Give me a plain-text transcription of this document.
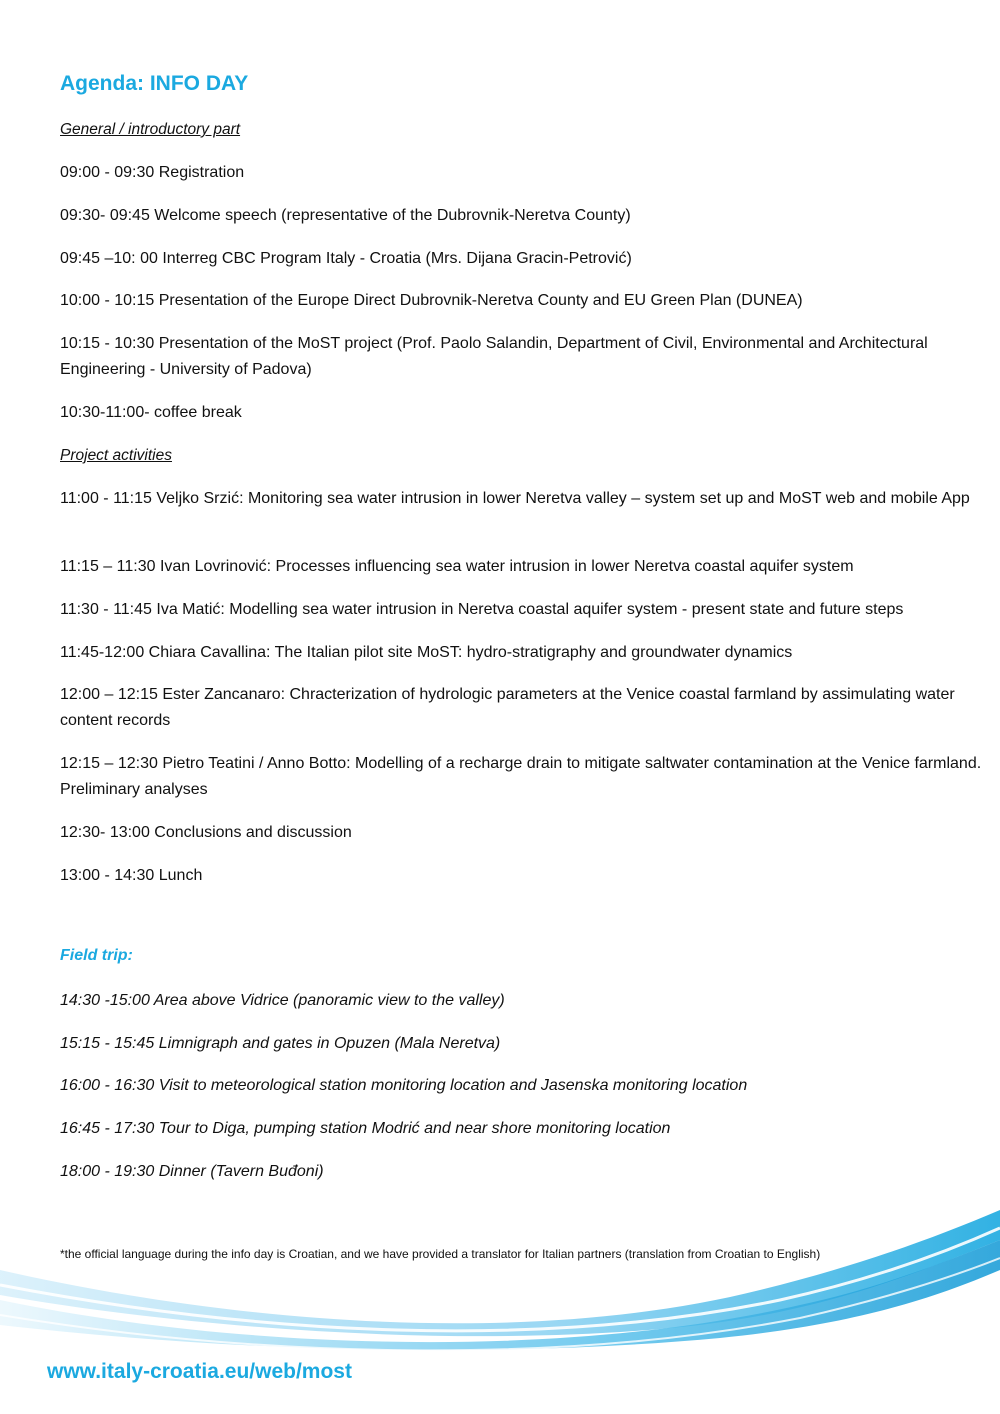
Agenda: INFO DAY
General / introductory part
09:00 - 09:30 Registration
09:30- 09:45 Welcome speech (representative of the Dubrovnik-Neretva County)
09:45 –10: 00 Interreg CBC Program Italy - Croatia (Mrs. Dijana Gracin-Petrović)
10:00 - 10:15 Presentation of the Europe Direct Dubrovnik-Neretva County and EU Green Plan (DUNEA)
10:15 - 10:30 Presentation of the MoST project (Prof. Paolo Salandin, Department of Civil, Environmental and Architectural Engineering - University of Padova)
10:30-11:00- coffee break
Project activities
11:00 - 11:15 Veljko Srzić: Monitoring sea water intrusion in lower Neretva valley – system set up and MoST web and mobile App
11:15 – 11:30 Ivan Lovrinović: Processes influencing sea water intrusion in lower Neretva coastal aquifer system
11:30 - 11:45 Iva Matić: Modelling sea water intrusion in Neretva coastal aquifer system - present state and future steps
11:45-12:00 Chiara Cavallina: The Italian pilot site MoST: hydro-stratigraphy and groundwater dynamics
12:00 – 12:15 Ester Zancanaro: Chracterization of hydrologic parameters at the Venice coastal farmland by assimulating water content records
12:15 – 12:30 Pietro Teatini / Anno Botto: Modelling of a recharge drain to mitigate saltwater contamination at the Venice farmland. Preliminary analyses
12:30- 13:00 Conclusions and discussion
13:00 - 14:30 Lunch
Field trip:
14:30 -15:00 Area above Vidrice (panoramic view to the valley)
15:15 - 15:45 Limnigraph and gates in Opuzen (Mala Neretva)
16:00 - 16:30 Visit to meteorological station monitoring location and Jasenska monitoring location
16:45 - 17:30 Tour to Diga, pumping station Modrić and near shore monitoring location
18:00 - 19:30 Dinner (Tavern Buđoni)
*the official language during the info day is Croatian, and we have provided a translator for Italian partners (translation from Croatian to English)
www.italy-croatia.eu/web/most
